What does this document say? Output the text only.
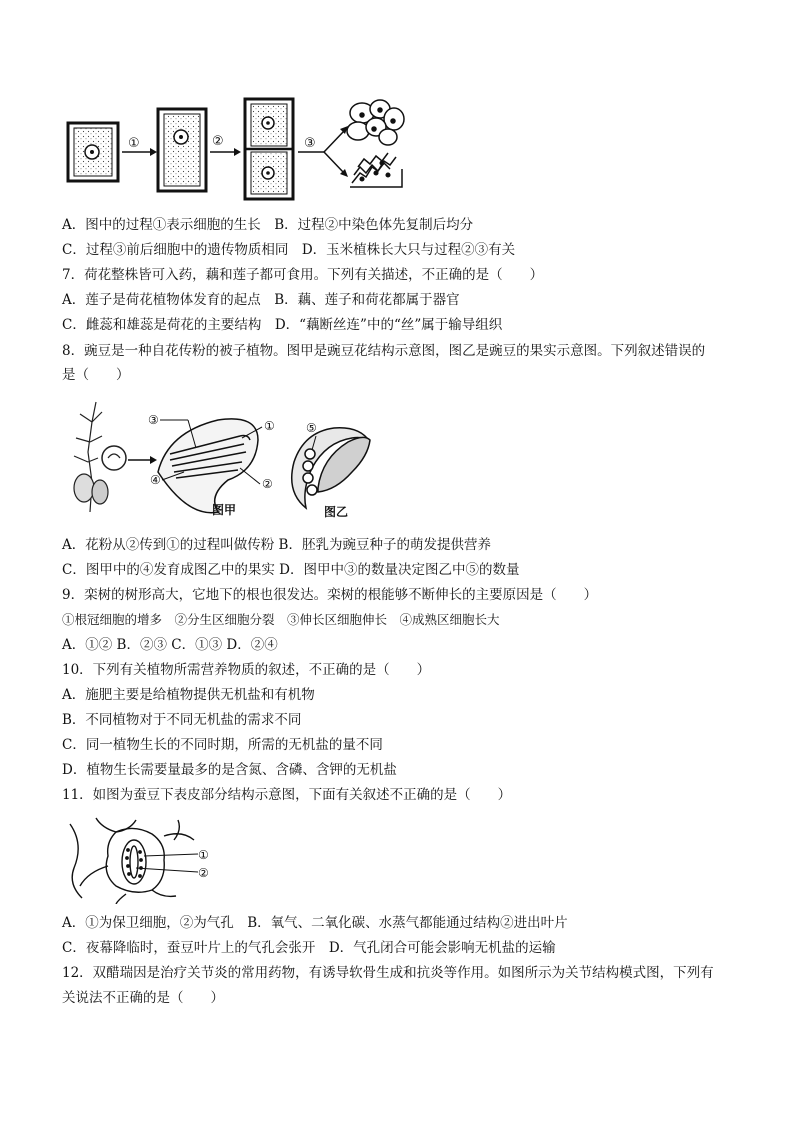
①	②	③
A．图中的过程①表示细胞的生长　B．过程②中染色体先复制后均分
C．过程③前后细胞中的遗传物质相同　D．玉米植株长大只与过程②③有关
7．荷花整株皆可入药，藕和莲子都可食用。下列有关描述，不正确的是（　　）
A．莲子是荷花植物体发育的起点　B．藕、莲子和荷花都属于器官
C．雌蕊和雄蕊是荷花的主要结构　D．“藕断丝连”中的“丝”属于输导组织
8．豌豆是一种自花传粉的被子植物。图甲是豌豆花结构示意图，图乙是豌豆的果实示意图。下列叙述错误的
是（　　）
③	①
④	②
图甲
⑤
图乙
A．花粉从②传到①的过程叫做传粉 B．胚乳为豌豆种子的萌发提供营养
C．图甲中的④发育成图乙中的果实 D．图甲中③的数量决定图乙中⑤的数量
9．栾树的树形高大，它地下的根也很发达。栾树的根能够不断伸长的主要原因是（　　）
①根冠细胞的增多　②分生区细胞分裂　③伸长区细胞伸长　④成熟区细胞长大
A．①② B．②③ C．①③ D．②④
10．下列有关植物所需营养物质的叙述，不正确的是（　　）
A．施肥主要是给植物提供无机盐和有机物
B．不同植物对于不同无机盐的需求不同
C．同一植物生长的不同时期，所需的无机盐的量不同
D．植物生长需要量最多的是含氮、含磷、含钾的无机盐
11．如图为蚕豆下表皮部分结构示意图，下面有关叙述不正确的是（　　）
①
②
A．①为保卫细胞，②为气孔　B．氧气、二氧化碳、水蒸气都能通过结构②进出叶片
C．夜幕降临时，蚕豆叶片上的气孔会张开　D．气孔闭合可能会影响无机盐的运输
12．双醋瑞因是治疗关节炎的常用药物，有诱导软骨生成和抗炎等作用。如图所示为关节结构模式图，下列有
关说法不正确的是（　　）
